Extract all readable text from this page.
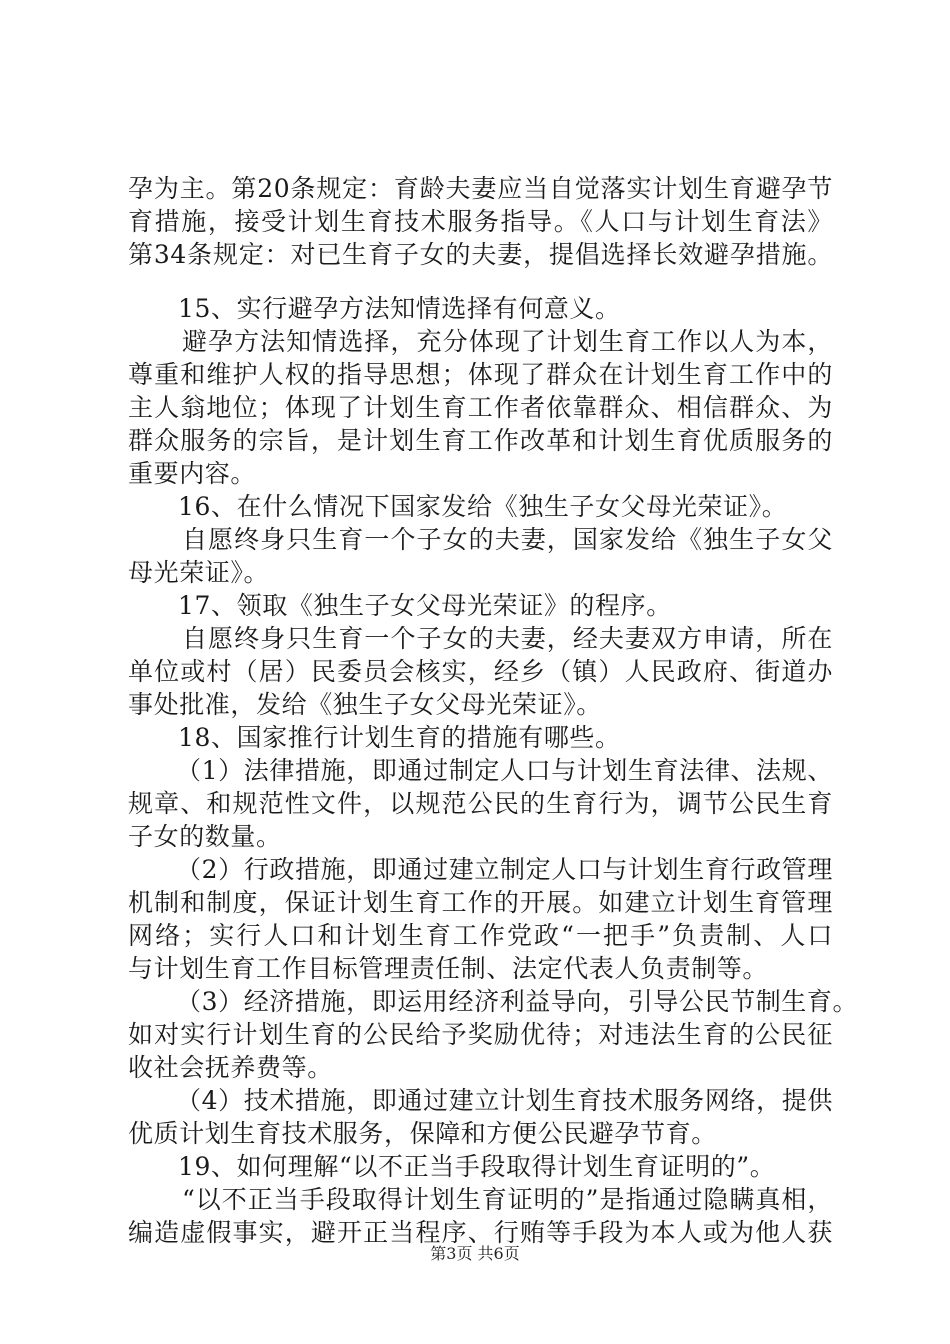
孕为主。第20条规定：育龄夫妻应当自觉落实计划生育避孕节
育措施，接受计划生育技术服务指导。《人口与计划生育法》
第34条规定：对已生育子女的夫妻，提倡选择长效避孕措施。
15、实行避孕方法知情选择有何意义。
避孕方法知情选择，充分体现了计划生育工作以人为本，
尊重和维护人权的指导思想；体现了群众在计划生育工作中的
主人翁地位；体现了计划生育工作者依靠群众、相信群众、为
群众服务的宗旨，是计划生育工作改革和计划生育优质服务的
重要内容。
16、在什么情况下国家发给《独生子女父母光荣证》。
自愿终身只生育一个子女的夫妻，国家发给《独生子女父
母光荣证》。
17、领取《独生子女父母光荣证》的程序。
自愿终身只生育一个子女的夫妻，经夫妻双方申请，所在
单位或村（居）民委员会核实，经乡（镇）人民政府、街道办
事处批准，发给《独生子女父母光荣证》。
18、国家推行计划生育的措施有哪些。
（1）法律措施，即通过制定人口与计划生育法律、法规、
规章、和规范性文件，以规范公民的生育行为，调节公民生育
子女的数量。
（2）行政措施，即通过建立制定人口与计划生育行政管理
机制和制度，保证计划生育工作的开展。如建立计划生育管理
网络；实行人口和计划生育工作党政“一把手”负责制、人口
与计划生育工作目标管理责任制、法定代表人负责制等。
（3）经济措施，即运用经济利益导向，引导公民节制生育。
如对实行计划生育的公民给予奖励优待；对违法生育的公民征
收社会抚养费等。
（4）技术措施，即通过建立计划生育技术服务网络，提供
优质计划生育技术服务，保障和方便公民避孕节育。
19、如何理解“以不正当手段取得计划生育证明的”。
“以不正当手段取得计划生育证明的”是指通过隐瞒真相，
编造虚假事实，避开正当程序、行贿等手段为本人或为他人获
第3页 共6页
